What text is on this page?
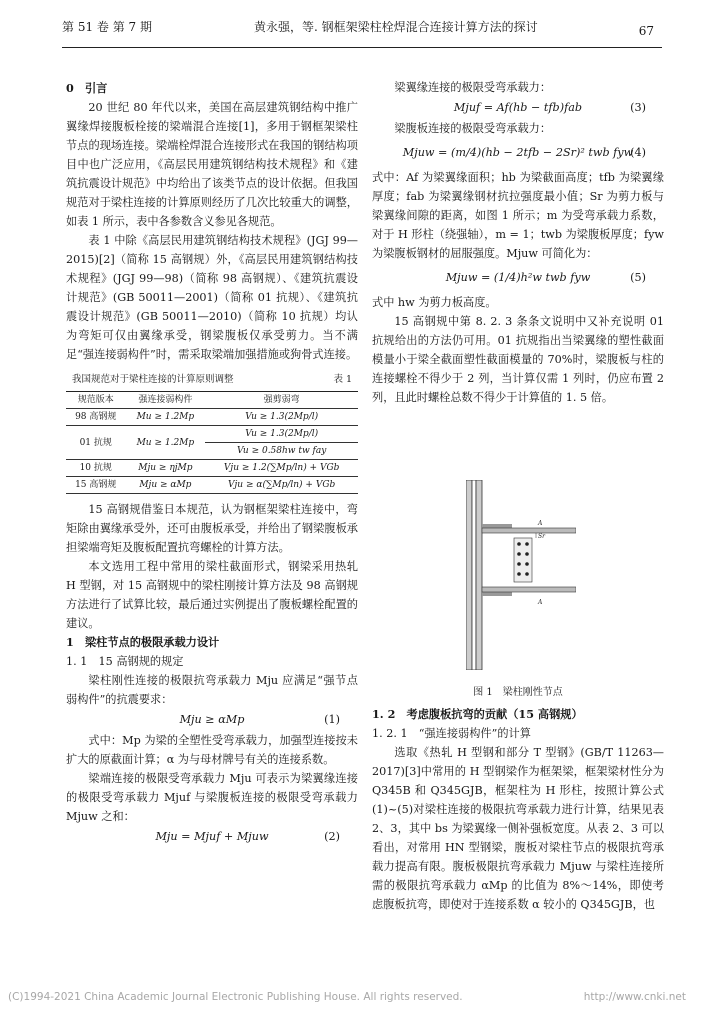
第 51 卷 第 7 期	黄永强，等. 钢框架梁柱栓焊混合连接计算方法的探讨	67
0　引言
20 世纪 80 年代以来，美国在高层建筑钢结构中推广翼缘焊接腹板栓接的梁端混合连接[1]，多用于钢框架梁柱节点的现场连接。梁端栓焊混合连接形式在我国的钢结构项目中也广泛应用，《高层民用建筑钢结构技术规程》和《建筑抗震设计规范》中均给出了该类节点的设计依据。但我国规范对于梁柱连接的计算原则经历了几次比较重大的调整，如表 1 所示，表中各参数含义参见各规范。
表 1 中除《高层民用建筑钢结构技术规程》(JGJ 99—2015)[2]（简称 15 高钢规）外，《高层民用建筑钢结构技术规程》(JGJ 99—98)（简称 98 高钢规）、《建筑抗震设计规范》(GB 50011—2001)（简称 01 抗规）、《建筑抗震设计规范》(GB 50011—2010)（简称 10 抗规）均认为弯矩可仅由翼缘承受，钢梁腹板仅承受剪力。当不满足“强连接弱构件”时，需采取梁端加强措施或狗骨式连接。
我国规范对于梁柱连接的计算原则调整	表 1
规范版本	强连接弱构件	强剪弱弯
98 高钢规	Mu ≥ 1.2Mp	Vu ≥ 1.3(2Mp/l)
01 抗规	Mu ≥ 1.2Mp	Vu ≥ 1.3(2Mp/l)
		Vu ≥ 0.58hw tw fay
10 抗规	Mju ≥ ηjMp	Vju ≥ 1.2(∑Mp/ln) + VGb
15 高钢规	Mju ≥ αMp	Vju ≥ α(∑Mp/ln) + VGb
15 高钢规借鉴日本规范，认为钢框架梁柱连接中，弯矩除由翼缘承受外，还可由腹板承受，并给出了钢梁腹板承担梁端弯矩及腹板配置抗弯螺栓的计算方法。
本文选用工程中常用的梁柱截面形式，钢梁采用热轧 H 型钢，对 15 高钢规中的梁柱刚接计算方法及 98 高钢规方法进行了试算比较，最后通过实例提出了腹板螺栓配置的建议。
1　梁柱节点的极限承载力设计
1. 1　15 高钢规的规定
梁柱刚性连接的极限抗弯承载力 Mju 应满足“强节点弱构件”的抗震要求：
Mju ≥ αMp	(1)
式中：Mp 为梁的全塑性受弯承载力，加强型连接按未扩大的原截面计算；α 为与母材牌号有关的连接系数。
梁端连接的极限受弯承载力 Mju 可表示为梁翼缘连接的极限受弯承载力 Mjuf 与梁腹板连接的极限受弯承载力 Mjuw 之和：
Mju = Mjuf + Mjuw	(2)
梁翼缘连接的极限受弯承载力：
Mjuf = Af(hb − tfb)fab	(3)
梁腹板连接的极限受弯承载力：
Mjuw = (m/4)(hb − 2tfb − 2Sr)² twb fyw
(4)
式中：Af 为梁翼缘面积；hb 为梁截面高度；tfb 为梁翼缘厚度；fab 为梁翼缘钢材抗拉强度最小值；Sr 为剪力板与梁翼缘间隙的距离，如图 1 所示；m 为受弯承载力系数，对于 H 形柱（绕强轴），m = 1；twb 为梁腹板厚度；fyw 为梁腹板钢材的屈服强度。Mjuw 可简化为：
Mjuw = (1/4)h²w twb fyw	(5)
式中 hw 为剪力板高度。
15 高钢规中第 8. 2. 3 条条文说明中又补充说明 01 抗规给出的方法仍可用。01 抗规指出当梁翼缘的塑性截面模量小于梁全截面塑性截面模量的 70%时，梁腹板与柱的连接螺栓不得少于 2 列，当计算仅需 1 列时，仍应布置 2 列，且此时螺栓总数不得少于计算值的 1. 5 倍。
A
Sr
A
图 1　梁柱刚性节点
1. 2　考虑腹板抗弯的贡献（15 高钢规）
1. 2. 1　“强连接弱构件”的计算
选取《热轧 H 型钢和部分 T 型钢》(GB/T 11263—2017)[3]中常用的 H 型钢梁作为框架梁，框架梁材性分为 Q345B 和 Q345GJB，框架柱为 H 形柱，按照计算公式(1)~(5)对梁柱连接的极限抗弯承载力进行计算，结果见表 2、3，其中 bs 为梁翼缘一侧补强板宽度。从表 2、3 可以看出，对常用 HN 型钢梁，腹板对梁柱节点的极限抗弯承载力提高有限。腹板极限抗弯承载力 Mjuw 与梁柱连接所需的极限抗弯承载力 αMp 的比值为 8%～14%，即使考虑腹板抗弯，即使对于连接系数 α 较小的 Q345GJB，也
(C)1994-2021 China Academic Journal Electronic Publishing House. All rights reserved.	http://www.cnki.net
